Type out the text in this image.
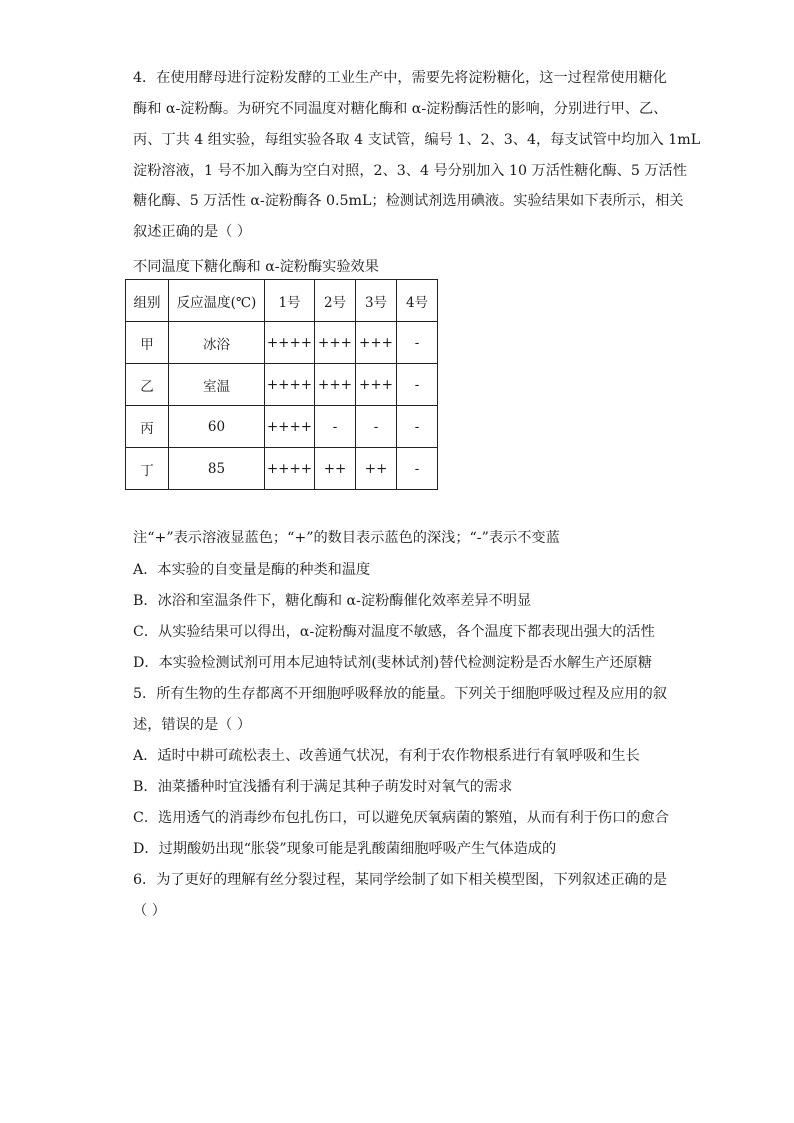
4．在使用酵母进行淀粉发酵的工业生产中，需要先将淀粉糖化，这一过程常使用糖化
酶和 α-淀粉酶。为研究不同温度对糖化酶和 α-淀粉酶活性的影响，分别进行甲、乙、
丙、丁共 4 组实验，每组实验各取 4 支试管，编号 1、2、3、4，每支试管中均加入 1mL
淀粉溶液，1 号不加入酶为空白对照，2、3、4 号分别加入 10 万活性糖化酶、5 万活性
糖化酶、5 万活性 α-淀粉酶各 0.5mL；检测试剂选用碘液。实验结果如下表所示，相关
叙述正确的是（ ）
不同温度下糖化酶和 α-淀粉酶实验效果
组别	反应温度(℃)	1号	2号	3号	4号
甲	冰浴	++++	+++	+++	-
乙	室温	++++	+++	+++	-
丙	60	++++	-	-	-
丁	85	++++	++	++	-
注“+”表示溶液显蓝色；“+”的数目表示蓝色的深浅；“-”表示不变蓝
A．本实验的自变量是酶的种类和温度
B．冰浴和室温条件下，糖化酶和 α-淀粉酶催化效率差异不明显
C．从实验结果可以得出，α-淀粉酶对温度不敏感，各个温度下都表现出强大的活性
D．本实验检测试剂可用本尼迪特试剂(斐林试剂)替代检测淀粉是否水解生产还原糖
5．所有生物的生存都离不开细胞呼吸释放的能量。下列关于细胞呼吸过程及应用的叙
述，错误的是（ ）
A．适时中耕可疏松表土、改善通气状况，有利于农作物根系进行有氧呼吸和生长
B．油菜播种时宜浅播有利于满足其种子萌发时对氧气的需求
C．选用透气的消毒纱布包扎伤口，可以避免厌氧病菌的繁殖，从而有利于伤口的愈合
D．过期酸奶出现“胀袋”现象可能是乳酸菌细胞呼吸产生气体造成的
6．为了更好的理解有丝分裂过程，某同学绘制了如下相关模型图，下列叙述正确的是
（ ）
